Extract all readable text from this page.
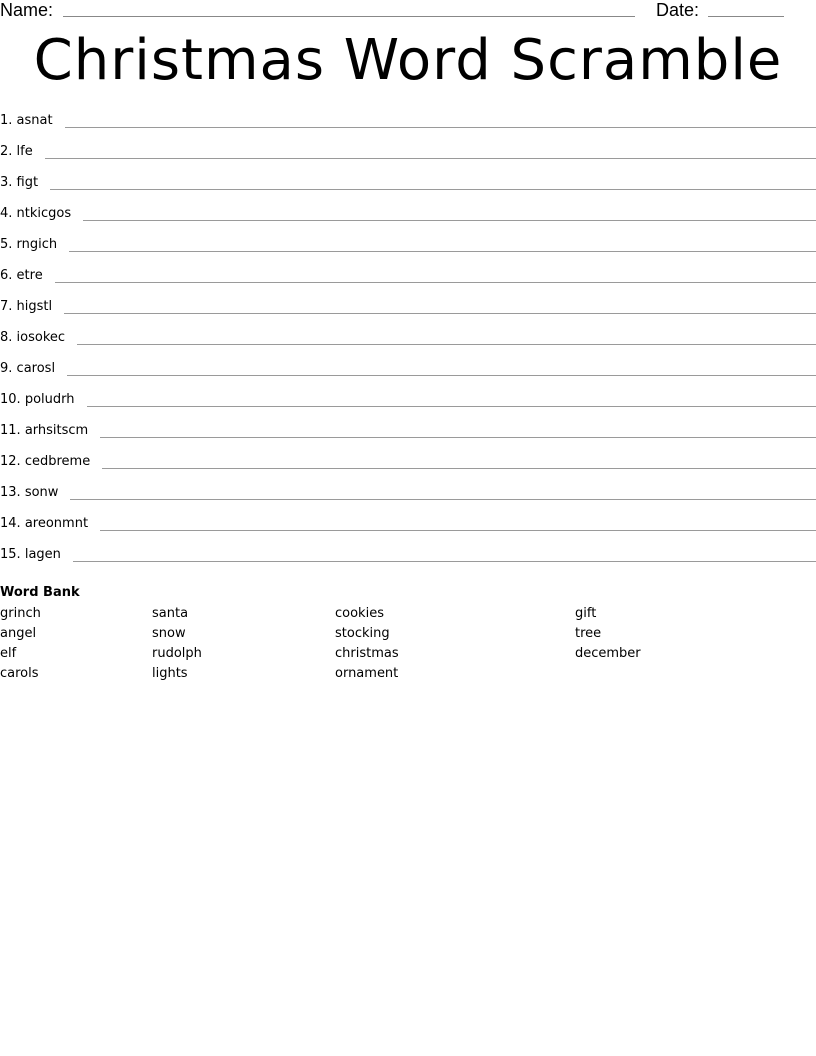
Name:	Date:
Christmas Word Scramble
1.
asnat
2.
lfe
3.
figt
4.
ntkicgos
5.
rngich
6.
etre
7.
higstl
8.
iosokec
9.
carosl
10.
poludrh
11.
arhsitscm
12.
cedbreme
13.
sonw
14.
areonmnt
15.
lagen

Word Bank

grinch
angel
elf
carols
santa
snow
rudolph
lights
cookies
stocking
christmas
ornament
gift
tree
december
